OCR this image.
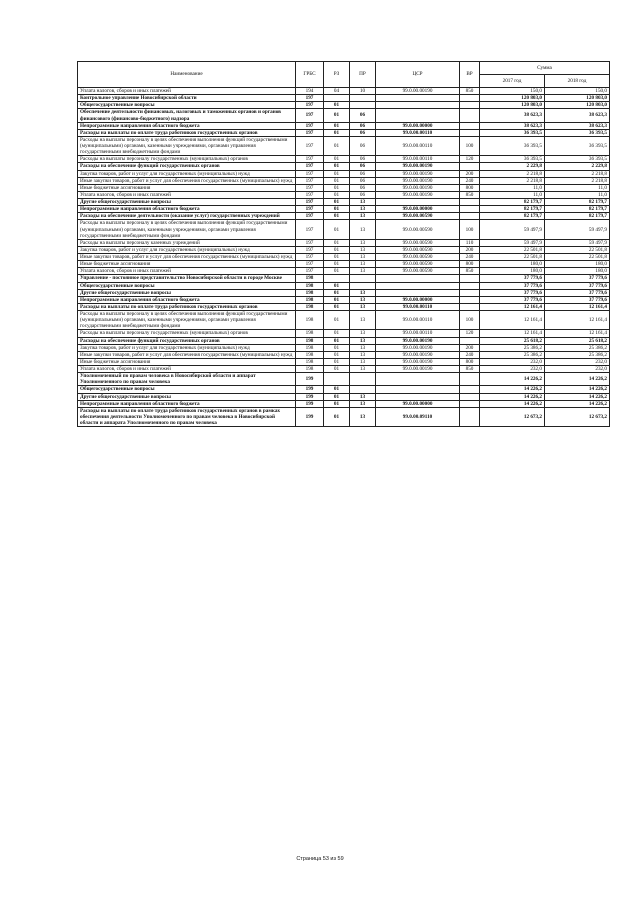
Наименование	ГРБС	РЗ	ПР	ЦСР	ВР	Сумма	
						2017 год	2018 год
Уплата налогов, сборов и иных платежей	194	04	10	99.0.00.00190	850	150,0	150,0
Контрольное управление Новосибирской области	197					120 803,0	120 803,0
Общегосударственные вопросы	197	01				120 803,0	120 803,0
Обеспечение деятельности финансовых, налоговых и таможенных органов и органов финансового (финансово-бюджетного) надзора	197	01	06			38 623,3	38 623,3
Непрограммные направления областного бюджета	197	01	06	99.0.00.00000		38 623,3	38 623,3
Расходы на выплаты по оплате труда работников государственных органов	197	01	06	99.0.00.00110		36 393,5	36 393,5
Расходы на выплаты персоналу в целях обеспечения выполнения функций государственными (муниципальными) органами, казенными учреждениями, органами управления государственными внебюджетными фондами	197	01	06	99.0.00.00110	100	36 393,5	36 393,5
Расходы на выплаты персоналу государственных (муниципальных) органов	197	01	06	99.0.00.00110	120	36 393,5	36 393,5
Расходы на обеспечение функций государственных органов	197	01	06	99.0.00.00190		2 229,8	2 229,8
Закупка товаров, работ и услуг для государственных (муниципальных) нужд	197	01	06	99.0.00.00190	200	2 218,8	2 218,8
Иные закупки товаров, работ и услуг для обеспечения государственных (муниципальных) нужд	197	01	06	99.0.00.00190	240	2 218,8	2 218,8
Иные бюджетные ассигнования	197	01	06	99.0.00.00190	800	11,0	11,0
Уплата налогов, сборов и иных платежей	197	01	06	99.0.00.00190	850	11,0	11,0
Другие общегосударственные вопросы	197	01	13			82 179,7	82 179,7
Непрограммные направления областного бюджета	197	01	13	99.0.00.00000		82 179,7	82 179,7
Расходы на обеспечение деятельности (оказание услуг) государственных учреждений	197	01	13	99.0.00.00590		82 179,7	82 179,7
Расходы на выплаты персоналу в целях обеспечения выполнения функций государственными (муниципальными) органами, казенными учреждениями, органами управления государственными внебюджетными фондами	197	01	13	99.0.00.00590	100	59 497,9	59 497,9
Расходы на выплаты персоналу казенных учреждений	197	01	13	99.0.00.00590	110	59 497,9	59 497,9
Закупка товаров, работ и услуг для государственных (муниципальных) нужд	197	01	13	99.0.00.00590	200	22 501,8	22 501,8
Иные закупки товаров, работ и услуг для обеспечения государственных (муниципальных) нужд	197	01	13	99.0.00.00590	240	22 501,8	22 501,8
Иные бюджетные ассигнования	197	01	13	99.0.00.00590	800	180,0	180,0
Уплата налогов, сборов и иных платежей	197	01	13	99.0.00.00590	850	180,0	180,0
Управление - постоянное представительство Новосибирской области в городе Москве	198					37 779,6	37 779,6
Общегосударственные вопросы	198	01				37 779,6	37 779,6
Другие общегосударственные вопросы	198	01	13			37 779,6	37 779,6
Непрограммные направления областного бюджета	198	01	13	99.0.00.00000		37 779,6	37 779,6
Расходы на выплаты по оплате труда работников государственных органов	198	01	13	99.0.00.00110		12 161,4	12 161,4
Расходы на выплаты персоналу в целях обеспечения выполнения функций государственными (муниципальными) органами, казенными учреждениями, органами управления государственными внебюджетными фондами	198	01	13	99.0.00.00110	100	12 161,4	12 161,4
Расходы на выплаты персоналу государственных (муниципальных) органов	198	01	13	99.0.00.00110	120	12 161,4	12 161,4
Расходы на обеспечение функций государственных органов	198	01	13	99.0.00.00190		25 618,2	25 618,2
Закупка товаров, работ и услуг для государственных (муниципальных) нужд	198	01	13	99.0.00.00190	200	25 386,2	25 386,2
Иные закупки товаров, работ и услуг для обеспечения государственных (муниципальных) нужд	198	01	13	99.0.00.00190	240	25 386,2	25 386,2
Иные бюджетные ассигнования	198	01	13	99.0.00.00190	800	232,0	232,0
Уплата налогов, сборов и иных платежей	198	01	13	99.0.00.00190	850	232,0	232,0
Уполномоченный по правам человека в Новосибирской области и аппарат Уполномоченного по правам человека	199					14 226,2	14 226,2
Общегосударственные вопросы	199	01				14 226,2	14 226,2
Другие общегосударственные вопросы	199	01	13			14 226,2	14 226,2
Непрограммные направления областного бюджета	199	01	13	99.0.00.00000		14 226,2	14 226,2
Расходы на выплаты по оплате труда работников государственных органов в рамках обеспечения деятельности Уполномоченного по правам человека в Новосибирской области и аппарата Уполномоченного по правам человека	199	01	13	99.0.00.09110		12 673,2	12 673,2
Страница 53 из 59
